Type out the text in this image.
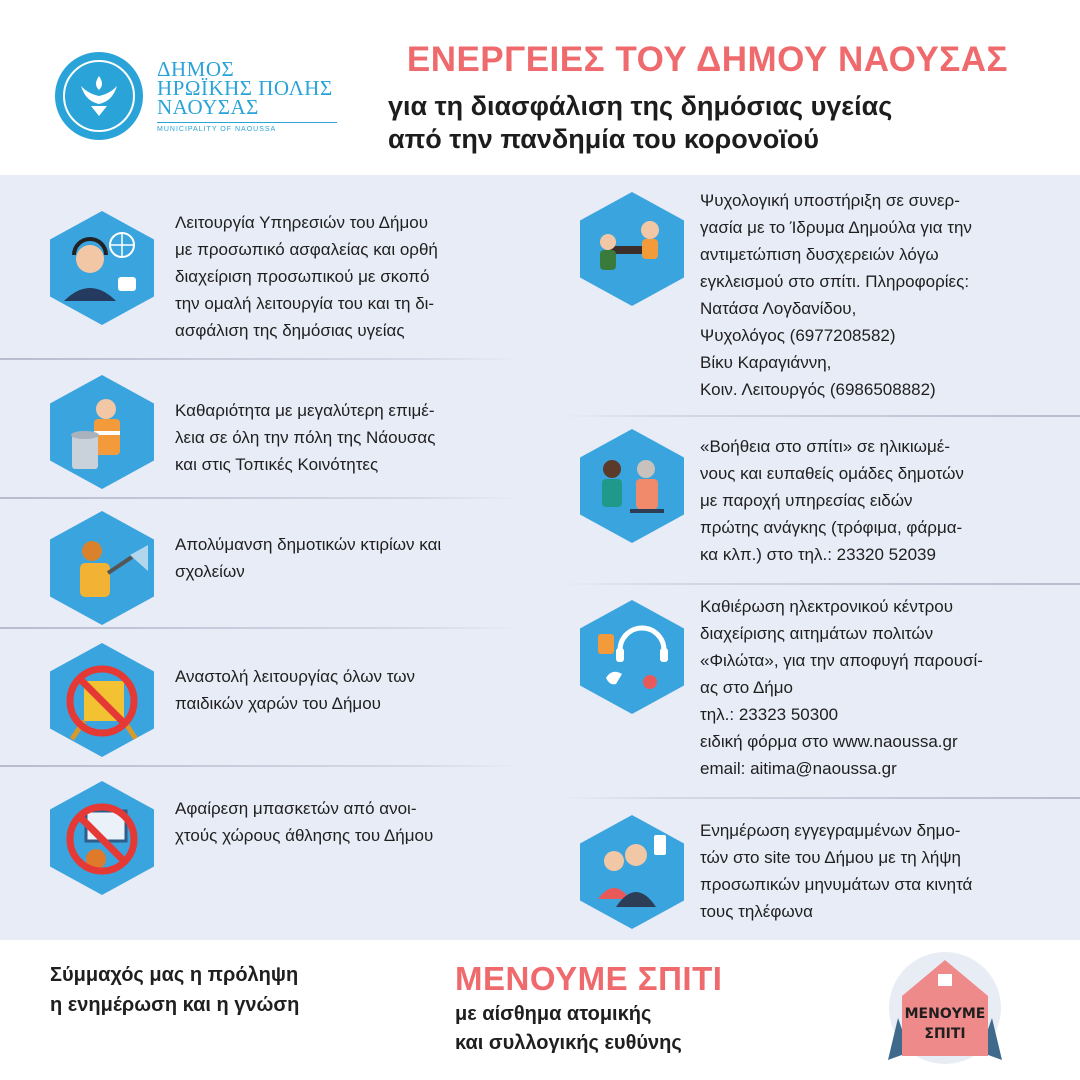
ΔΗΜΟΣ
ΗΡΩΪΚΗΣ ΠΟΛΗΣ
ΝΑΟΥΣΑΣ
MUNICIPALITY OF NAOUSSA
ΕΝΕΡΓΕΙΕΣ ΤΟΥ ΔΗΜΟΥ ΝΑΟΥΣΑΣ
για τη διασφάλιση της δημόσιας υγείας
από την πανδημία του κορονοϊού
Λειτουργία Υπηρεσιών του Δήμου
με προσωπικό ασφαλείας και ορθή
διαχείριση προσωπικού με σκοπό
την ομαλή λειτουργία του και τη δι-
ασφάλιση της δημόσιας υγείας
Καθαριότητα με μεγαλύτερη επιμέ-
λεια σε όλη την πόλη της Νάουσας
και στις Τοπικές Κοινότητες
Απολύμανση δημοτικών κτιρίων και
σχολείων
Αναστολή λειτουργίας όλων των
παιδικών χαρών του Δήμου
Αφαίρεση μπασκετών από ανοι-
χτούς χώρους άθλησης του Δήμου
Ψυχολογική υποστήριξη σε συνερ-
γασία με το Ίδρυμα Δημούλα για την
αντιμετώπιση δυσχερειών λόγω
εγκλεισμού στο σπίτι. Πληροφορίες:
Νατάσα Λογδανίδου,
Ψυχολόγος (6977208582)
Βίκυ Καραγιάννη,
Κοιν. Λειτουργός (6986508882)
«Βοήθεια στο σπίτι» σε ηλικιωμέ-
νους και ευπαθείς ομάδες δημοτών
με παροχή υπηρεσίας ειδών
πρώτης ανάγκης (τρόφιμα, φάρμα-
κα κλπ.) στο τηλ.: 23320 52039
Καθιέρωση ηλεκτρονικού κέντρου
διαχείρισης αιτημάτων πολιτών
«Φιλώτα», για την αποφυγή παρουσί-
ας στο Δήμο
τηλ.: 23323 50300
ειδική φόρμα στο www.naoussa.gr
email: aitima@naoussa.gr
Ενημέρωση εγγεγραμμένων δημο-
τών στο site του Δήμου με τη λήψη
προσωπικών μηνυμάτων στα κινητά
τους τηλέφωνα
Σύμμαχός μας η πρόληψη
η ενημέρωση και η γνώση
ΜΕΝΟΥΜΕ ΣΠΙΤΙ
με αίσθημα ατομικής
και συλλογικής ευθύνης
ΜΕΝΟΥΜΕ
ΣΠΙΤΙ
